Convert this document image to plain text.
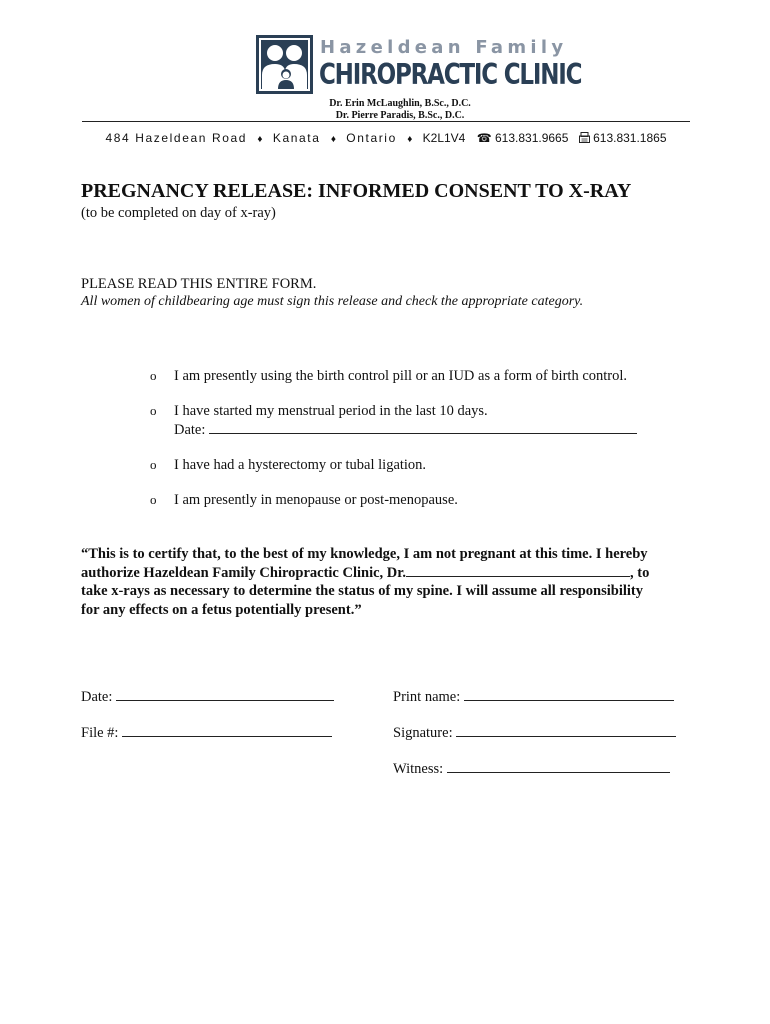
Hazeldean Family
CHIROPRACTIC CLINIC
Dr. Erin McLaughlin, B.Sc., D.C.
Dr. Pierre Paradis, B.Sc., D.C.
484 Hazeldean Road ♦ Kanata ♦ Ontario ♦ K2L1V4 ☎ 613.831.9665 613.831.1865
PREGNANCY RELEASE: INFORMED CONSENT TO X-RAY
(to be completed on day of x-ray)
PLEASE READ THIS ENTIRE FORM.
All women of childbearing age must sign this release and check the appropriate category.
o I am presently using the birth control pill or an IUD as a form of birth control.
o I have started my menstrual period in the last 10 days.
Date:
o I have had a hysterectomy or tubal ligation.
o I am presently in menopause or post-menopause.
“This is to certify that, to the best of my knowledge, I am not pregnant at this time. I hereby
authorize Hazeldean Family Chiropractic Clinic, Dr.	, to
take x-rays as necessary to determine the status of my spine. I will assume all responsibility
for any effects on a fetus potentially present.”
Date:
File #:
Print name:
Signature:
Witness:
